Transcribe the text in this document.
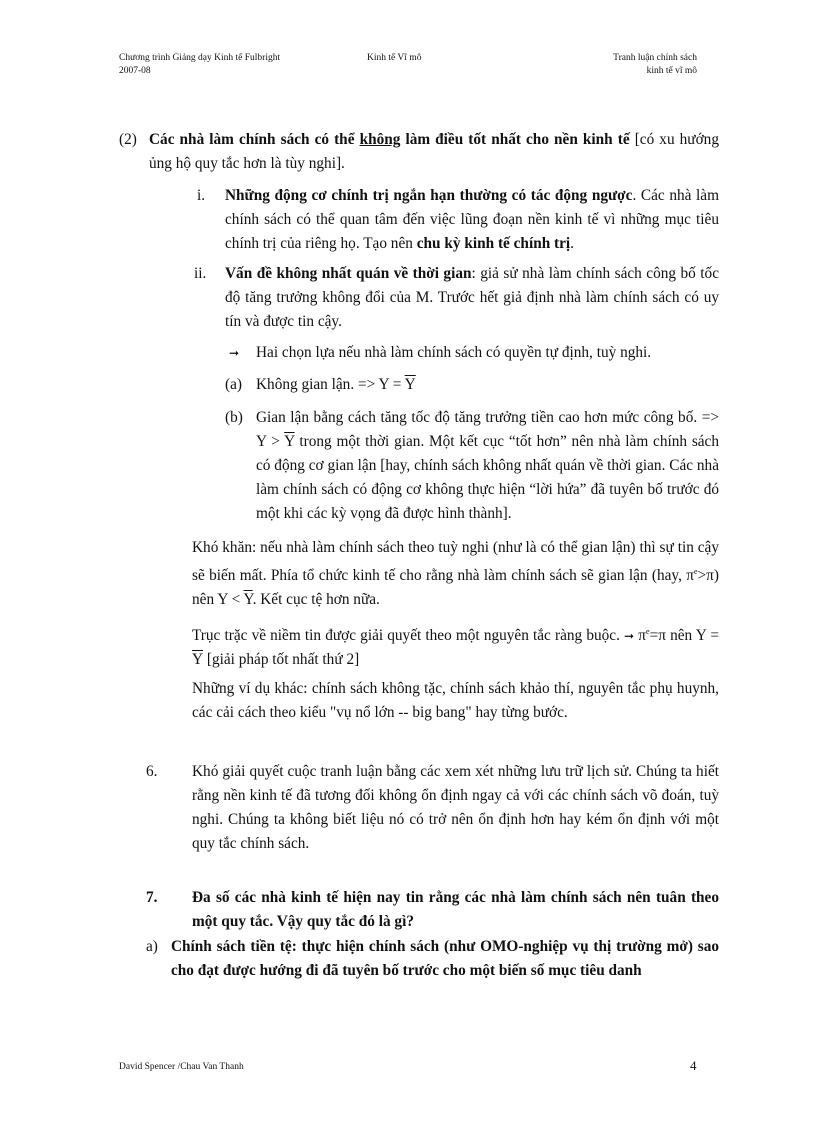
Chương trình Giảng dạy Kinh tế Fulbright
2007-08
Kinh tế Vĩ mô	Tranh luận chính sách
kinh tế vĩ mô
(2) Các nhà làm chính sách có thể không làm điều tốt nhất cho nền kinh tế [có xu hướng ủng hộ quy tắc hơn là tùy nghi].
i. Những động cơ chính trị ngắn hạn thường có tác động ngược. Các nhà làm chính sách có thể quan tâm đến việc lũng đoạn nền kinh tế vì những mục tiêu chính trị của riêng họ. Tạo nên chu kỳ kinh tế chính trị.
ii. Vấn đề không nhất quán về thời gian: giả sử nhà làm chính sách công bố tốc độ tăng trưởng không đổi của M. Trước hết giả định nhà làm chính sách có uy tín và được tin cậy.
➞ Hai chọn lựa nếu nhà làm chính sách có quyền tự định, tuỳ nghi.
(a) Không gian lận. => $Y = \overline{Y}$
(b) Gian lận bằng cách tăng tốc độ tăng trưởng tiền cao hơn mức công bố. => $Y > \overline{Y}$ trong một thời gian. Một kết cục “tốt hơn” nên nhà làm chính sách có động cơ gian lận [hay, chính sách không nhất quán về thời gian. Các nhà làm chính sách có động cơ không thực hiện “lời hứa” đã tuyên bố trước đó một khi các kỳ vọng đã được hình thành].
Khó khăn: nếu nhà làm chính sách theo tuỳ nghi (như là có thể gian lận) thì sự tin cậy sẽ biến mất. Phía tổ chức kinh tế cho rằng nhà làm chính sách sẽ gian lận (hay, $\pi^e>\pi$) nên $Y < \overline{Y}$. Kết cục tệ hơn nữa.
Trục trặc về niềm tin được giải quyết theo một nguyên tắc ràng buộc. ➞ $\pi^e=\pi$ nên $Y = \overline{Y}$ [giải pháp tốt nhất thứ 2]
Những ví dụ khác: chính sách không tặc, chính sách khảo thí, nguyên tắc phụ huynh, các cải cách theo kiểu "vụ nổ lớn -- big bang" hay từng bước.
6. Khó giải quyết cuộc tranh luận bằng các xem xét những lưu trữ lịch sử. Chúng ta hiết rằng nền kinh tế đã tương đối không ổn định ngay cả với các chính sách võ đoán, tuỳ nghi. Chúng ta không biết liệu nó có trở nên ổn định hơn hay kém ổn định với một quy tắc chính sách.
7. Đa số các nhà kinh tế hiện nay tin rằng các nhà làm chính sách nên tuân theo một quy tắc. Vậy quy tắc đó là gì?
a) Chính sách tiền tệ: thực hiện chính sách (như OMO-nghiệp vụ thị trường mở) sao cho đạt được hướng đi đã tuyên bố trước cho một biến số mục tiêu danh
David Spencer /Chau Van Thanh	4
